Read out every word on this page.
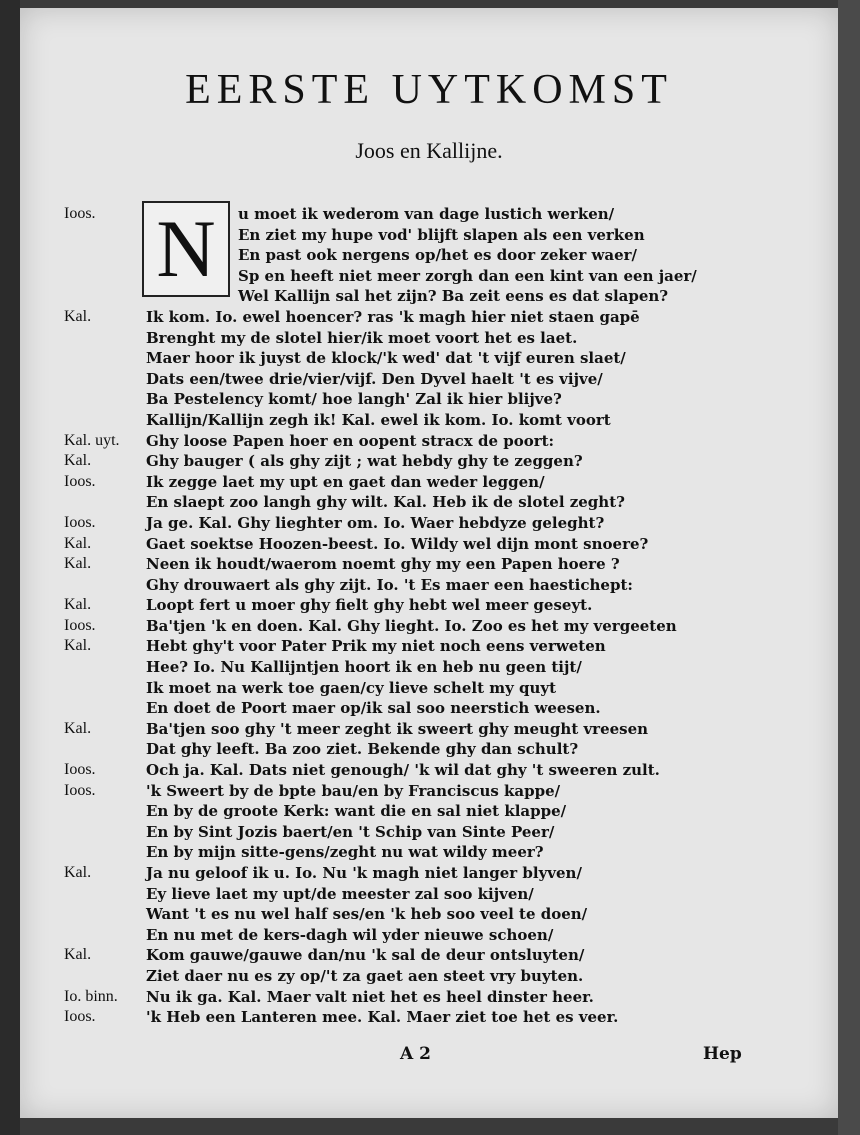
EERSTE UYTKOMST
Joos en Kallijne.
N
Ioos.	u moet ik wederom van dage lustich werken/
En ziet my hupe vod' blijft slapen als een verken
En past ook nergens op/het es door zeker waer/
Sp en heeft niet meer zorgh dan een kint van een jaer/
Wel Kallijn sal het zijn? Ba zeit eens es dat slapen?
Kal.	Ik kom. Io. ewel hoencer? ras 'k magh hier niet staen gapē
Brenght my de slotel hier/ik moet voort het es laet.
Maer hoor ik juyst de klock/'k wed' dat 't vijf euren slaet/
Dats een/twee drie/vier/vijf. Den Dyvel haelt 't es vijve/
Ba Pestelency komt/ hoe langh' Zal ik hier blijve?
Kallijn/Kallijn zegh ik! Kal. ewel ik kom. Io. komt voort
Kal. uyt.	Ghy loose Papen hoer en oopent stracx de poort:
Kal.	Ghy bauger ( als ghy zijt ; wat hebdy ghy te zeggen?
Ioos.	Ik zegge laet my upt en gaet dan weder leggen/
En slaept zoo langh ghy wilt. Kal. Heb ik de slotel zeght?
Ioos.	Ja ge. Kal. Ghy lieghter om. Io. Waer hebdyze geleght?
Kal.	Gaet soektse Hoozen-beest. Io. Wildy wel dijn mont snoere?
Kal.	Neen ik houdt/waerom noemt ghy my een Papen hoere ?
Ghy drouwaert als ghy zijt. Io. 't Es maer een haestichept:
Kal.	Loopt fert u moer ghy fielt ghy hebt wel meer geseyt.
Ioos.	Ba'tjen 'k en doen. Kal. Ghy lieght. Io. Zoo es het my vergeeten
Kal.	Hebt ghy't voor Pater Prik my niet noch eens verweten
Hee? Io. Nu Kallijntjen hoort ik en heb nu geen tijt/
Ik moet na werk toe gaen/cy lieve schelt my quyt
En doet de Poort maer op/ik sal soo neerstich weesen.
Kal.	Ba'tjen soo ghy 't meer zeght ik sweert ghy meught vreesen
Dat ghy leeft. Ba zoo ziet. Bekende ghy dan schult?
Ioos.	Och ja. Kal. Dats niet genough/ 'k wil dat ghy 't sweeren zult.
Ioos.	'k Sweert by de bpte bau/en by Franciscus kappe/
En by de groote Kerk: want die en sal niet klappe/
En by Sint Jozis baert/en 't Schip van Sinte Peer/
En by mijn sitte-gens/zeght nu wat wildy meer?
Kal.	Ja nu geloof ik u. Io. Nu 'k magh niet langer blyven/
Ey lieve laet my upt/de meester zal soo kijven/
Want 't es nu wel half ses/en 'k heb soo veel te doen/
En nu met de kers-dagh wil yder nieuwe schoen/
Kal.	Kom gauwe/gauwe dan/nu 'k sal de deur ontsluyten/
Ziet daer nu es zy op/'t za gaet aen steet vry buyten.
Io. binn.	Nu ik ga. Kal. Maer valt niet het es heel dinster heer.
Ioos.	'k Heb een Lanteren mee. Kal. Maer ziet toe het es veer.
A 2	Hep
